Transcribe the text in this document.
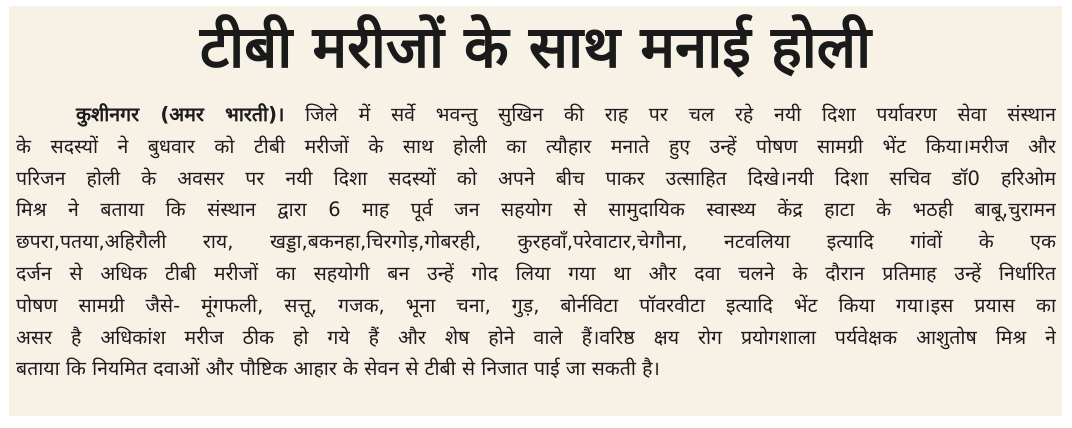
टीबी मरीजों के साथ मनाई होली
कुशीनगर (अमर भारती)। जिले में सर्वे भवन्तु सुखिन की राह पर चल रहे नयी दिशा पर्यावरण सेवा संस्थान
के सदस्यों ने बुधवार को टीबी मरीजों के साथ होली का त्यौहार मनाते हुए उन्हें पोषण सामग्री भेंट किया।मरीज और
परिजन होली के अवसर पर नयी दिशा सदस्यों को अपने बीच पाकर उत्साहित दिखे।नयी दिशा सचिव डॉ0 हरिओम
मिश्र ने बताया कि संस्थान द्वारा 6 माह पूर्व जन सहयोग से सामुदायिक स्वास्थ्य केंद्र हाटा के भठही बाबू,चुरामन
छपरा,पतया,अहिरौली राय, खड्डा,बकनहा,चिरगोड़,गोबरही, कुरहवाँ,परेवाटार,चेगौना, नटवलिया इत्यादि गांवों के एक
दर्जन से अधिक टीबी मरीजों का सहयोगी बन उन्हें गोद लिया गया था और दवा चलने के दौरान प्रतिमाह उन्हें निर्धारित
पोषण सामग्री जैसे- मूंगफली, सत्तू, गजक, भूना चना, गुड़, बोर्नविटा पॉवरवीटा इत्यादि भेंट किया गया।इस प्रयास का
असर है अधिकांश मरीज ठीक हो गये हैं और शेष होने वाले हैं।वरिष्ठ क्षय रोग प्रयोगशाला पर्यवेक्षक आशुतोष मिश्र ने
बताया कि नियमित दवाओं और पौष्टिक आहार के सेवन से टीबी से निजात पाई जा सकती है।
